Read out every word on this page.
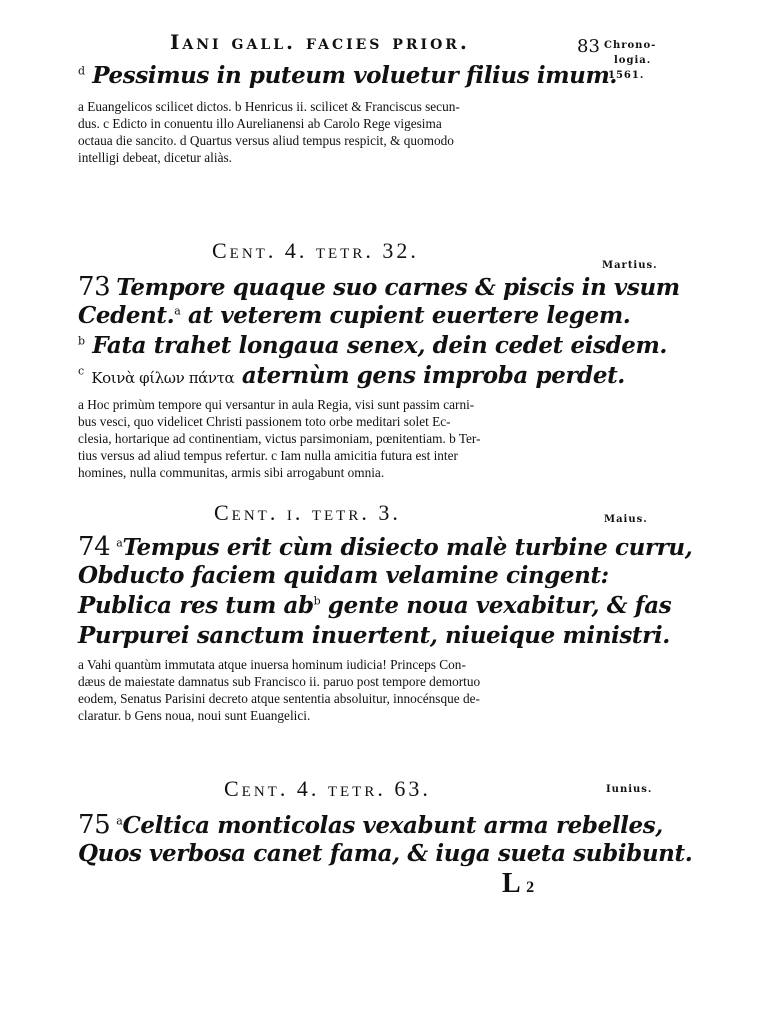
Iani gall. facies prior.	83 Chrono-
logia.
1561.
$^d$ Pessimus in puteum voluetur filius imum.
a Euangelicos scilicet dictos. b Henricus ii. scilicet & Franciscus secun-
dus. c Edicto in conuentu illo Aurelianensi ab Carolo Rege vigesima
octaua die sancito. d Quartus versus aliud tempus respicit, & quomodo
intelligi debeat, dicetur aliàs.
Cent. 4. tetr. 32.
Martius.
73 Tempore quaque suo carnes & piscis in vsum
Cedent.$^a$ at veterem cupient euertere legem.
$^b$ Fata trahet longaua senex, dein cedet eisdem.
$^c$ Κοινὰ φίλων πάντα aternùm gens improba perdet.
a Hoc primùm tempore qui versantur in aula Regia, visi sunt passim carni-
bus vesci, quo videlicet Christi passionem toto orbe meditari solet Ec-
clesia, hortarique ad continentiam, victus parsimoniam, pœnitentiam. b Ter-
tius versus ad aliud tempus refertur. c Iam nulla amicitia futura est inter
homines, nulla communitas, armis sibi arrogabunt omnia.
Cent. i. tetr. 3.	Maius.
74 $^a$Tempus erit cùm disiecto malè turbine curru,
Obducto faciem quidam velamine cingent:
Publica res tum $ab^b$ gente noua vexabitur, & fas
Purpurei sanctum inuertent, niueique ministri.
a Vahi quantùm immutata atque inuersa hominum iudicia! Princeps Con-
dæus de maiestate damnatus sub Francisco ii. paruo post tempore demortuo
eodem, Senatus Parisini decreto atque sententia absoluitur, innocénsque de-
claratur. b Gens noua, noui sunt Euangelici.
Cent. 4. tetr. 63.	Iunius.
75 $^a$Celtica monticolas vexabunt arma rebelles,
Quos verbosa canet fama, & iuga sueta subibunt.
L 2
